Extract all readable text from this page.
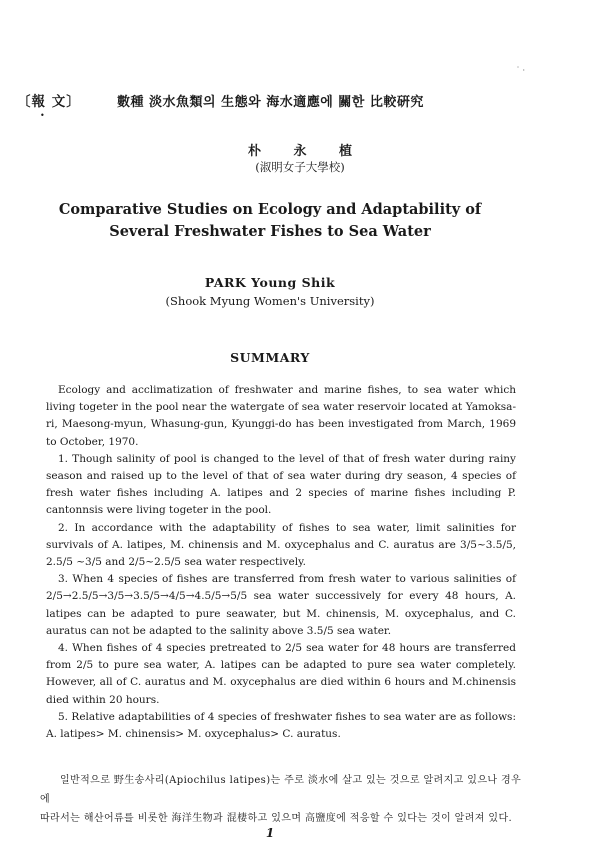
〔報 文〕
•
數種 淡水魚類의 生態와 海水適應에 關한 比較硏究
朴	永	植
(淑明女子大學校)
Comparative Studies on Ecology and Adaptability of
Several Freshwater Fishes to Sea Water
PARK Young Shik
(Shook Myung Women's University)
SUMMARY

Ecology and acclimatization of freshwater and marine fishes, to sea water which living togeter in the pool near the watergate of sea water reservoir located at Yamoksa-ri, Maesong-myun, Whasung-gun, Kyunggi-do has been investigated from March, 1969 to October, 1970.

1. Though salinity of pool is changed to the level of that of fresh water during rainy season and raised up to the level of that of sea water during dry season, 4 species of fresh water fishes including A. latipes and 2 species of marine fishes including P. cantonnsis were living togeter in the pool.

2. In accordance with the adaptability of fishes to sea water, limit salinities for survivals of A. latipes, M. chinensis and M. oxycephalus and C. auratus are 3/5~3.5/5, 2.5/5 ~3/5 and 2/5~2.5/5 sea water respectively.

3. When 4 species of fishes are transferred from fresh water to various salinities of 2/5→2.5/5→3/5→3.5/5→4/5→4.5/5→5/5 sea water successively for every 48 hours, A. latipes can be adapted to pure seawater, but M. chinensis, M. oxycephalus, and C. auratus can not be adapted to the salinity above 3.5/5 sea water.

4. When fishes of 4 species pretreated to 2/5 sea water for 48 hours are transferred from 2/5 to pure sea water, A. latipes can be adapted to pure sea water completely. However, all of C. auratus and M. oxycephalus are died within 6 hours and M.chinensis died within 20 hours.

5. Relative adaptabilities of 4 species of freshwater fishes to sea water are as follows: A. latipes> M. chinensis> M. oxycephalus> C. auratus.

일반적으로 野生송사리(Apiochilus latipes)는 주로 淡水에 살고 있는 것으로 알려지고 있으나 경우에
따라서는 해산어류를 비롯한 海洋生物과 混棲하고 있으며 高鹽度에 적응할 수 있다는 것이 알려져 있다.
1
˙ ·
